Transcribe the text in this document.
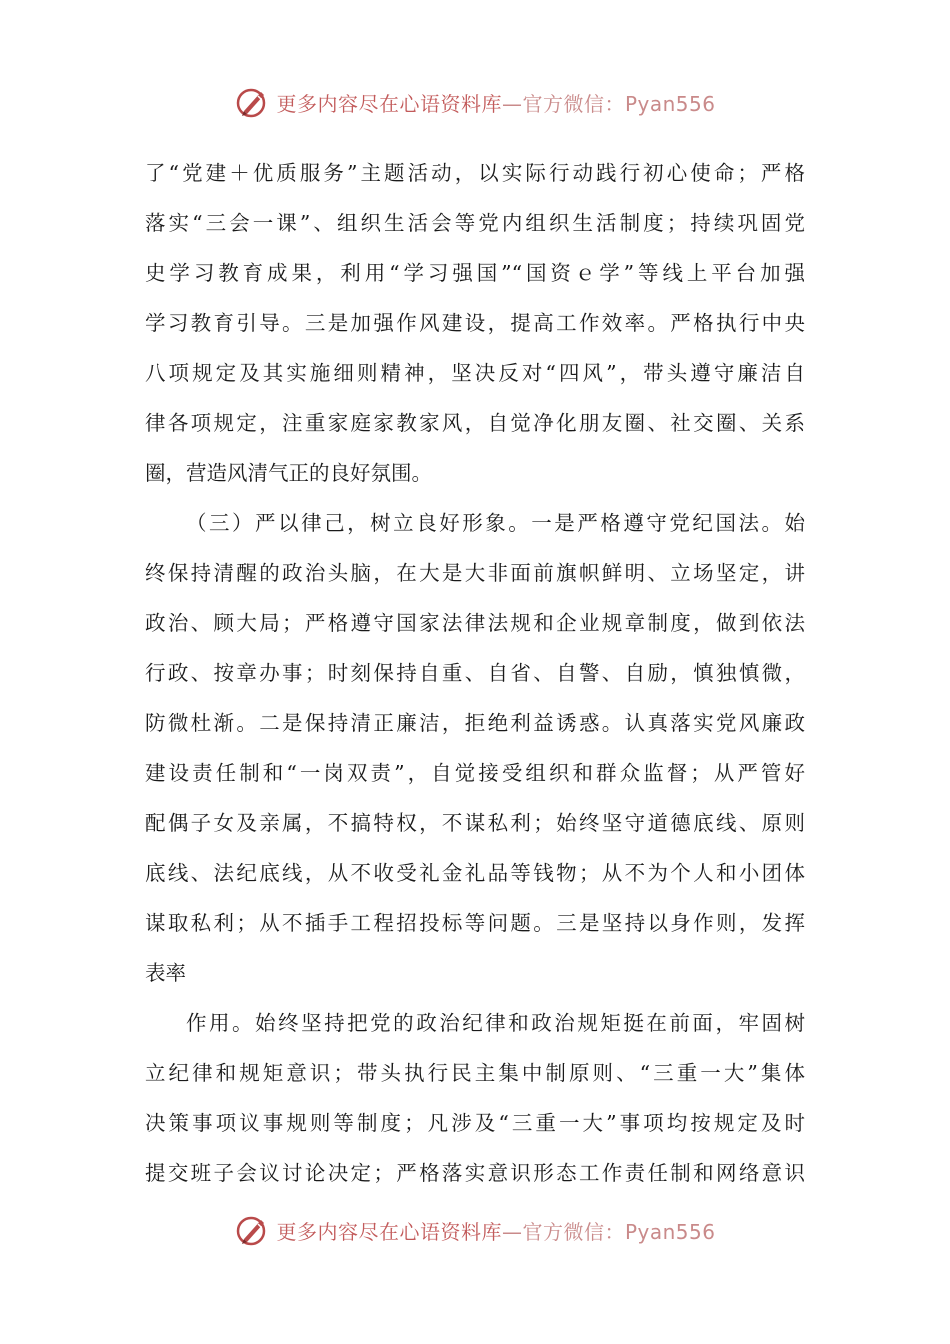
更多内容尽在心语资料库—官方微信：Pyan556
了“党建＋优质服务”主题活动，以实际行动践行初心使命；严格
落实“三会一课”、组织生活会等党内组织生活制度；持续巩固党
史学习教育成果，利用“学习强国”“国资ｅ学”等线上平台加强
学习教育引导。三是加强作风建设，提高工作效率。严格执行中央
八项规定及其实施细则精神，坚决反对“四风”，带头遵守廉洁自
律各项规定，注重家庭家教家风，自觉净化朋友圈、社交圈、关系
圈，营造风清气正的良好氛围。
（三）严以律己，树立良好形象。一是严格遵守党纪国法。始
终保持清醒的政治头脑，在大是大非面前旗帜鲜明、立场坚定，讲
政治、顾大局；严格遵守国家法律法规和企业规章制度，做到依法
行政、按章办事；时刻保持自重、自省、自警、自励，慎独慎微，
防微杜渐。二是保持清正廉洁，拒绝利益诱惑。认真落实党风廉政
建设责任制和“一岗双责”，自觉接受组织和群众监督；从严管好
配偶子女及亲属，不搞特权，不谋私利；始终坚守道德底线、原则
底线、法纪底线，从不收受礼金礼品等钱物；从不为个人和小团体
谋取私利；从不插手工程招投标等问题。三是坚持以身作则，发挥
表率
作用。始终坚持把党的政治纪律和政治规矩挺在前面，牢固树
立纪律和规矩意识；带头执行民主集中制原则、“三重一大”集体
决策事项议事规则等制度；凡涉及“三重一大”事项均按规定及时
提交班子会议讨论决定；严格落实意识形态工作责任制和网络意识
更多内容尽在心语资料库—官方微信：Pyan556
